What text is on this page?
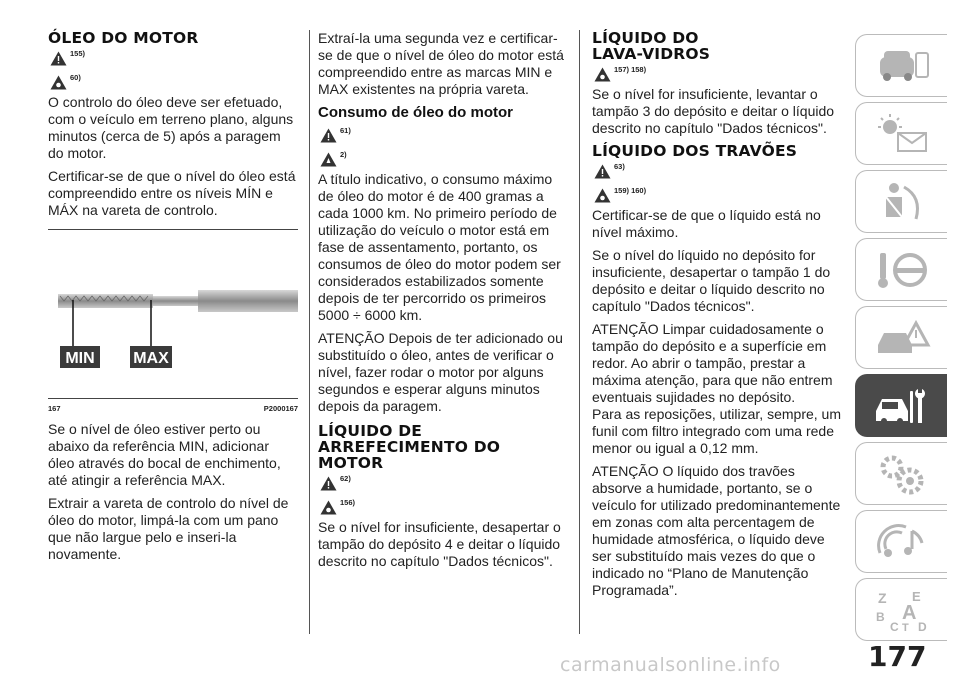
ÓLEO DO MOTOR
155)
60)

O controlo do óleo deve ser efetuado, com o veículo em terreno plano, alguns minutos (cerca de 5) após a paragem do motor.

Certificar-se de que o nível do óleo está compreendido entre os níveis MÍN e MÁX na vareta de controlo.

MIN MAX
167	P2000167

Se o nível de óleo estiver perto ou abaixo da referência MIN, adicionar óleo através do bocal de enchimento, até atingir a referência MAX.

Extrair a vareta de controlo do nível de óleo do motor, limpá-la com um pano que não largue pelo e inseri-la novamente.

Extraí-la uma segunda vez e certificar-se de que o nível de óleo do motor está compreendido entre as marcas MIN e MAX existentes na própria vareta.

Consumo de óleo do motor
61)
2)

A título indicativo, o consumo máximo de óleo do motor é de 400 gramas a cada 1000 km. No primeiro período de utilização do veículo o motor está em fase de assentamento, portanto, os consumos de óleo do motor podem ser considerados estabilizados somente depois de ter percorrido os primeiros 5000 ÷ 6000 km.

ATENÇÃO Depois de ter adicionado ou substituído o óleo, antes de verificar o nível, fazer rodar o motor por alguns segundos e esperar alguns minutos depois da paragem.

LÍQUIDO DE ARREFECIMENTO DO MOTOR
62)
156)

Se o nível for insuficiente, desapertar o tampão do depósito 4 e deitar o líquido descrito no capítulo "Dados técnicos".

LÍQUIDO DO LAVA-VIDROS
157) 158)

Se o nível for insuficiente, levantar o tampão 3 do depósito e deitar o líquido descrito no capítulo "Dados técnicos".

LÍQUIDO DOS TRAVÕES
63)
159) 160)

Certificar-se de que o líquido está no nível máximo.

Se o nível do líquido no depósito for insuficiente, desapertar o tampão 1 do depósito e deitar o líquido descrito no capítulo "Dados técnicos".

ATENÇÃO Limpar cuidadosamente o tampão do depósito e a superfície em redor. Ao abrir o tampão, prestar a máxima atenção, para que não entrem eventuais sujidades no depósito.

Para as reposições, utilizar, sempre, um funil com filtro integrado com uma rede menor ou igual a 0,12 mm.

ATENÇÃO O líquido dos travões absorve a humidade, portanto, se o veículo for utilizado predominantemente em zonas com alta percentagem de humidade atmosférica, o líquido deve ser substituído mais vezes do que o indicado no “Plano de Manutenção Programada”.	Z E
B A
C T D
177
carmanualsonline.info
